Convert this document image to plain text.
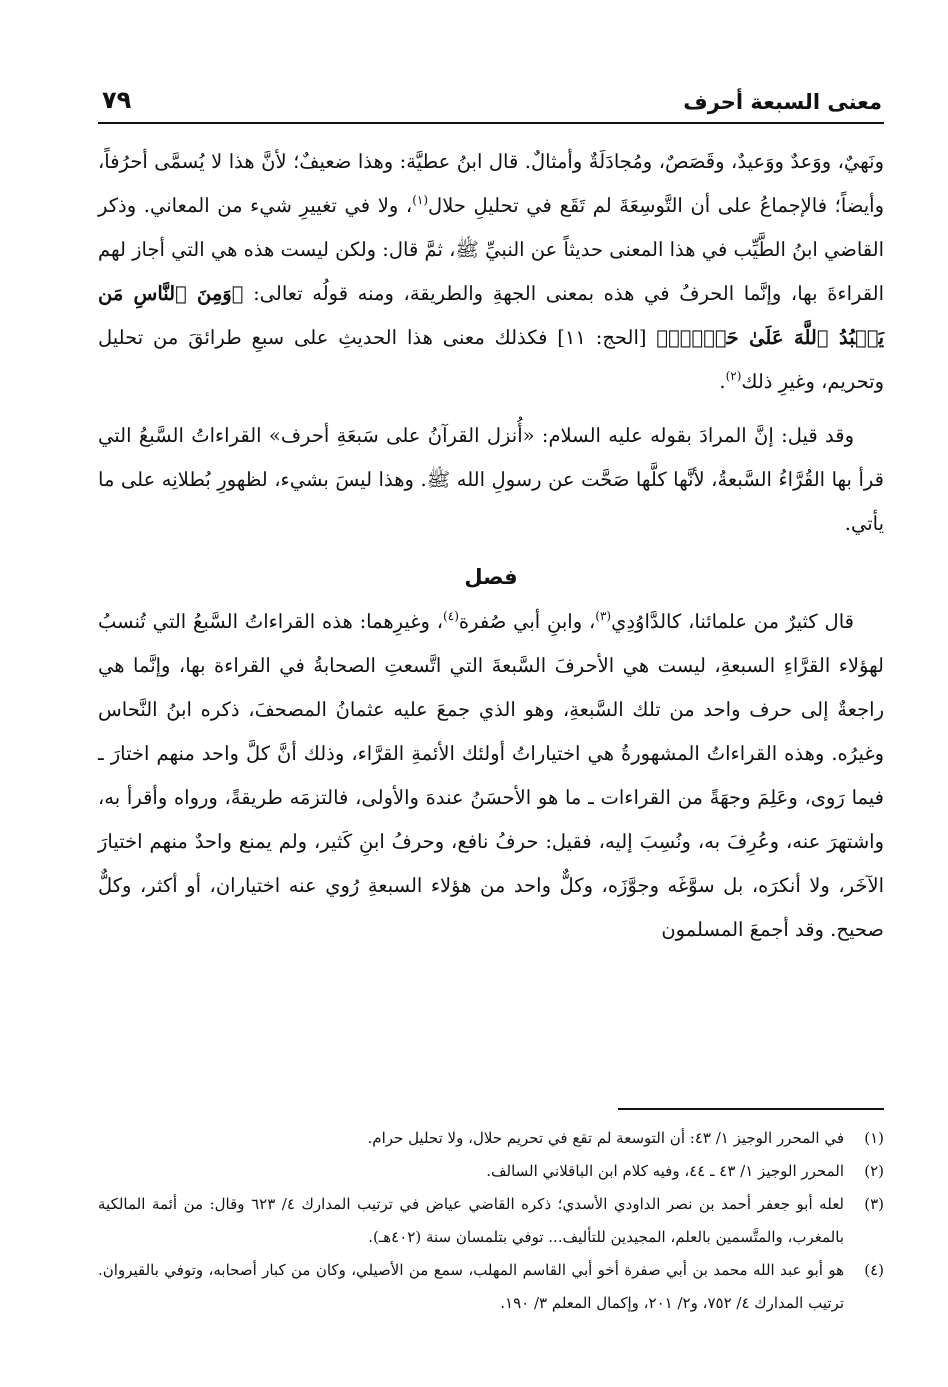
معنى السبعة أحرف
٧٩

ونَهيٌ، ووَعدٌ ووَعيدٌ، وقَصَصٌ، ومُجادَلَةٌ وأمثالٌ. قال ابنُ عطيَّة: وهذا ضعيفٌ؛ لأنَّ هذا لا يُسمَّى أحرُفاً، وأيضاً؛ فالإجماعُ على أن التَّوسِعَةَ لم تَقَع في تحليلِ حلال$^{(١)}$، ولا في تغييرِ شيء من المعاني. وذكر القاضي ابنُ الطَّيِّب في هذا المعنى حديثاً عن النبيِّ ﷺ، ثمَّ قال: ولكن ليست هذه هي التي أجاز لهم القراءةَ بها، وإنَّما الحرفُ في هذه بمعنى الجهةِ والطريقة، ومنه قولُه تعالى: ﴿وَمِنَ ٱلنَّاسِ مَن يَعۡبُدُ ٱللَّهَ عَلَىٰ حَرۡفٖۖ﴾ [الحج: ١١] فكذلك معنى هذا الحديثِ على سبعِ طرائقَ من تحليل وتحريم، وغيرِ ذلك$^{(٢)}$.

وقد قيل: إنَّ المرادَ بقوله عليه السلام: «أُنزل القرآنُ على سَبعَةِ أحرف» القراءاتُ السَّبعُ التي قرأ بها القُرَّاءُ السَّبعةُ، لأنَّها كلَّها صَحَّت عن رسولِ الله ﷺ. وهذا ليسَ بشيء، لظهورِ بُطلانِه على ما يأتي.

فصل

قال كثيرٌ من علمائنا، كالدَّاوُدِي$^{(٣)}$، وابنِ أبي صُفرة$^{(٤)}$، وغيرِهما: هذه القراءاتُ السَّبعُ التي تُنسبُ لهؤلاء القرَّاءِ السبعةِ، ليست هي الأحرفَ السَّبعةَ التي اتَّسعتِ الصحابةُ في القراءة بها، وإنَّما هي راجعةٌ إلى حرف واحد من تلك السَّبعةِ، وهو الذي جمعَ عليه عثمانُ المصحفَ، ذكره ابنُ النَّحاس وغيرُه. وهذه القراءاتُ المشهورةُ هي اختياراتُ أولئك الأئمةِ القرَّاء، وذلك أنَّ كلَّ واحد منهم اختارَ ـ فيما رَوى، وعَلِمَ وجهَةً من القراءات ـ ما هو الأحسَنُ عندهَ والأولى، فالتزمَه طريقةً، ورواه وأقرأ به، واشتهرَ عنه، وعُرِفَ به، ونُسِبَ إليه، فقيل: حرفُ نافع، وحرفُ ابنِ كَثير، ولم يمنع واحدٌ منهم اختيارَ الآخَر، ولا أنكرَه، بل سوَّغَه وجوَّزَه، وكلٌّ واحد من هؤلاء السبعةِ رُوي عنه اختياران، أو أكثر، وكلٌّ صحيح. وقد أجمعَ المسلمون

(١)
في المحرر الوجيز ١/ ٤٣: أن التوسعة لم تقع في تحريم حلال، ولا تحليل حرام.
(٢)
المحرر الوجيز ١/ ٤٣ ـ ٤٤، وفيه كلام ابن الباقلاني السالف.
(٣)
لعله أبو جعفر أحمد بن نصر الداودي الأسدي؛ ذكره القاضي عياض في ترتيب المدارك ٤/ ٦٢٣ وقال: من أئمة المالكية بالمغرب، والمتَّسمين بالعلم، المجيدين للتأليف... توفي بتلمسان سنة (٤٠٢هـ).
(٤)
هو أبو عبد الله محمد بن أبي صفرة أخو أبي القاسم المهلب، سمع من الأصيلي، وكان من كبار أصحابه، وتوفي بالقيروان. ترتيب المدارك ٤/ ٧٥٢، و٢/ ٢٠١، وإكمال المعلم ٣/ ١٩٠.
